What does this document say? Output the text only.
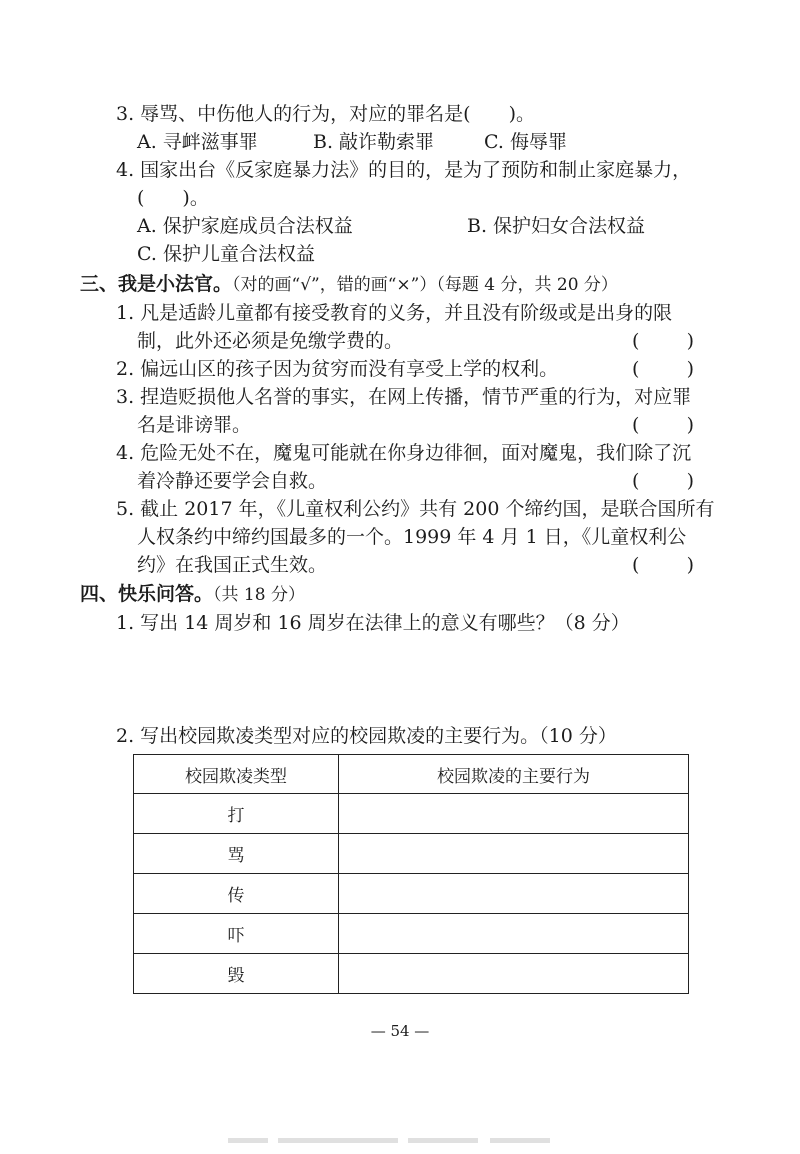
3. 辱骂、中伤他人的行为，对应的罪名是(　　)。
A. 寻衅滋事罪	B. 敲诈勒索罪	C. 侮辱罪
4. 国家出台《反家庭暴力法》的目的，是为了预防和制止家庭暴力，
(　　)。
A. 保护家庭成员合法权益	B. 保护妇女合法权益
C. 保护儿童合法权益
三、我是小法官。（对的画“√”，错的画“×”）（每题 4 分，共 20 分）
1. 凡是适龄儿童都有接受教育的义务，并且没有阶级或是出身的限
制，此外还必须是免缴学费的。	( )
2. 偏远山区的孩子因为贫穷而没有享受上学的权利。	( )
3. 捏造贬损他人名誉的事实，在网上传播，情节严重的行为，对应罪
名是诽谤罪。	( )
4. 危险无处不在，魔鬼可能就在你身边徘徊，面对魔鬼，我们除了沉
着冷静还要学会自救。	( )
5. 截止 2017 年，《儿童权利公约》共有 200 个缔约国，是联合国所有
人权条约中缔约国最多的一个。1999 年 4 月 1 日，《儿童权利公
约》在我国正式生效。	( )
四、快乐问答。（共 18 分）
1. 写出 14 周岁和 16 周岁在法律上的意义有哪些？（8 分）
2. 写出校园欺凌类型对应的校园欺凌的主要行为。（10 分）
校园欺凌类型	校园欺凌的主要行为
打	
骂	
传	
吓	
毁	
— 54 —
